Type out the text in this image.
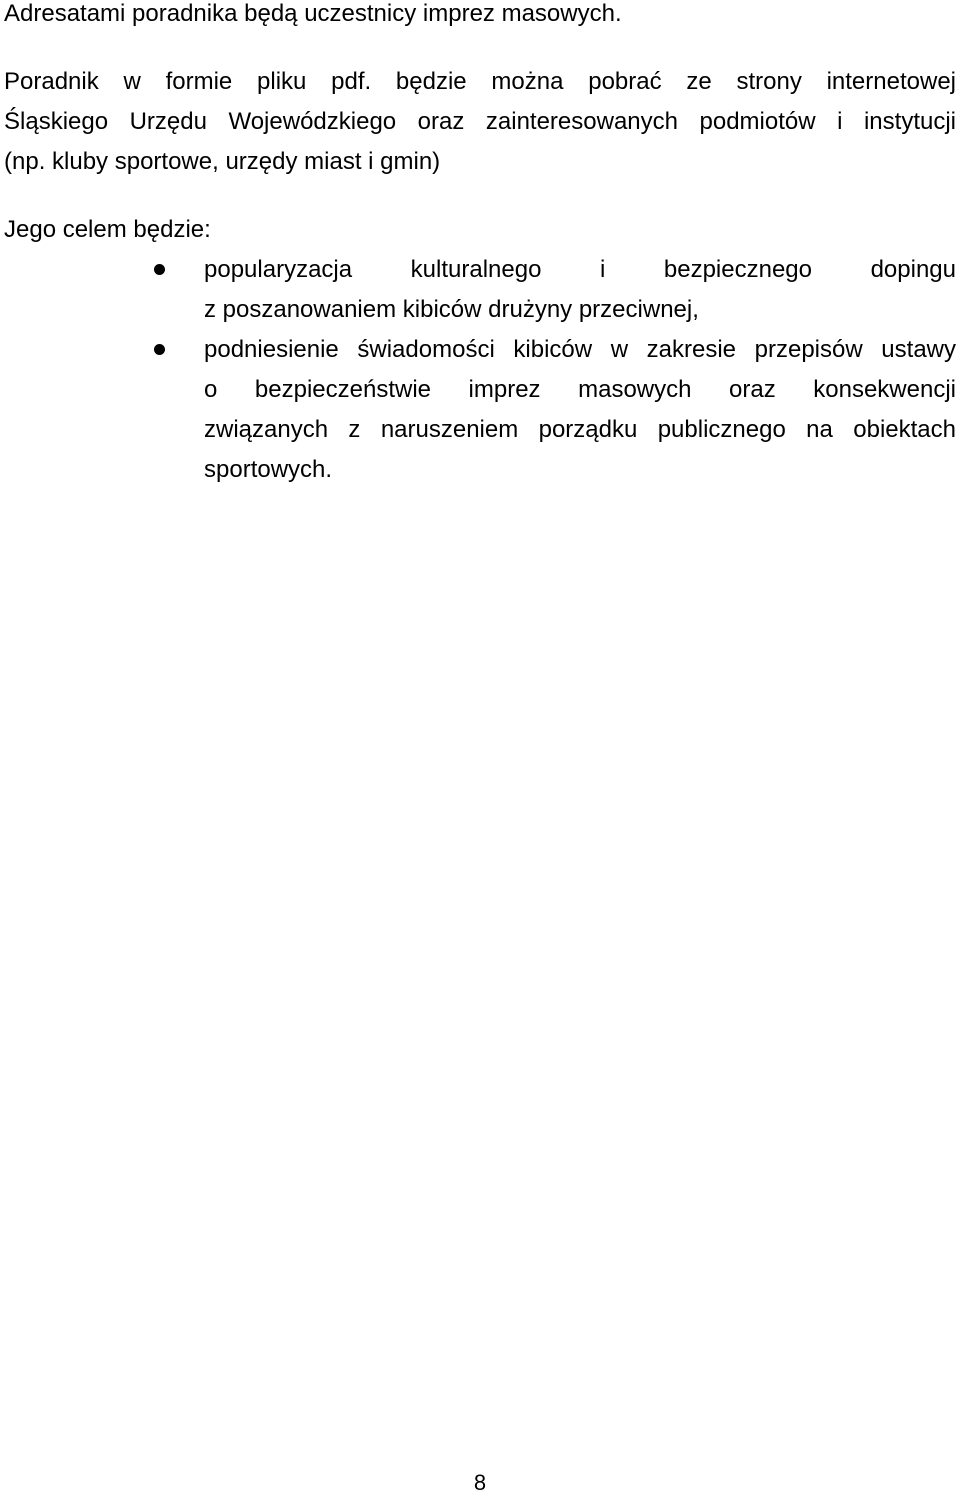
Adresatami poradnika będą uczestnicy imprez masowych.

Poradnik w formie pliku pdf. będzie można pobrać ze strony internetowej
Śląskiego Urzędu Wojewódzkiego oraz zainteresowanych podmiotów i instytucji
(np. kluby sportowe, urzędy miast i gmin)

Jego celem będzie:

popularyzacja kulturalnego i bezpiecznego dopingu
z poszanowaniem kibiców drużyny przeciwnej,
podniesienie świadomości kibiców w zakresie przepisów ustawy
o bezpieczeństwie imprez masowych oraz konsekwencji
związanych z naruszeniem porządku publicznego na obiektach
sportowych.
8
